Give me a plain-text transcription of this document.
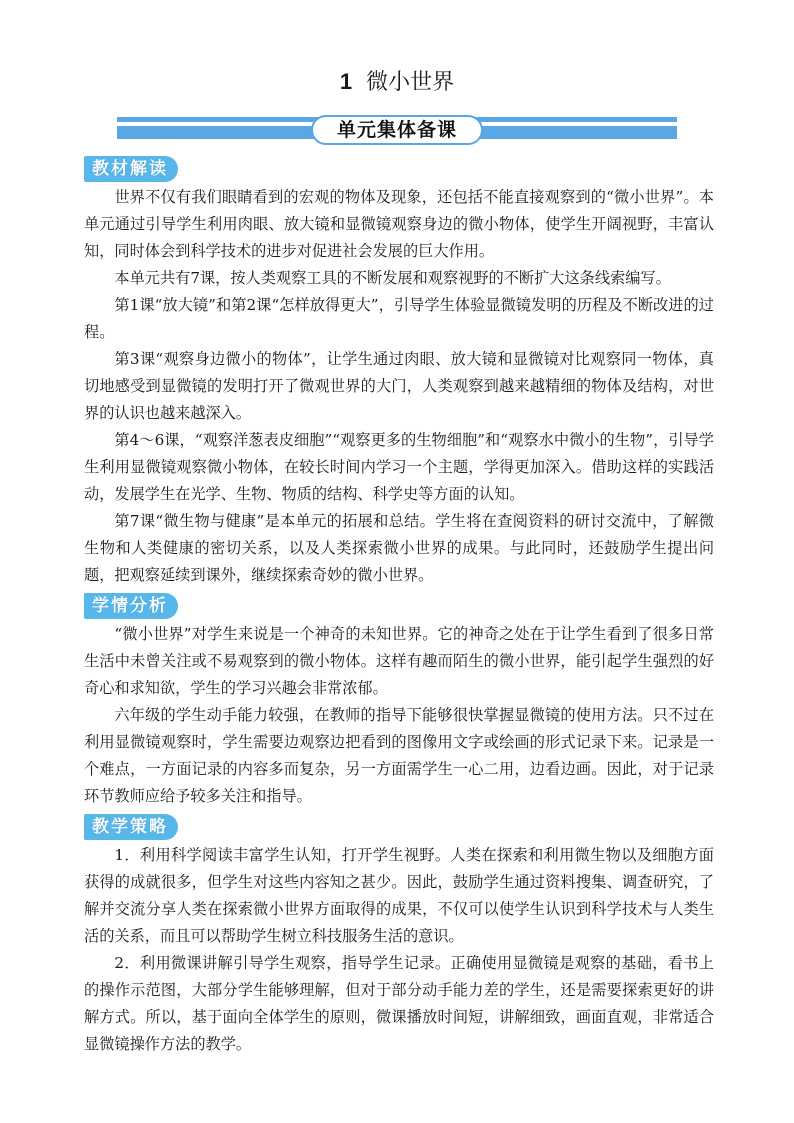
1 微小世界
单元集体备课
教材解读

世界不仅有我们眼睛看到的宏观的物体及现象，还包括不能直接观察到的“微小世界”。本单元通过引导学生利用肉眼、放大镜和显微镜观察身边的微小物体，使学生开阔视野，丰富认知，同时体会到科学技术的进步对促进社会发展的巨大作用。

本单元共有7课，按人类观察工具的不断发展和观察视野的不断扩大这条线索编写。

第1课“放大镜”和第2课“怎样放得更大”，引导学生体验显微镜发明的历程及不断改进的过程。

第3课“观察身边微小的物体”，让学生通过肉眼、放大镜和显微镜对比观察同一物体，真切地感受到显微镜的发明打开了微观世界的大门，人类观察到越来越精细的物体及结构，对世界的认识也越来越深入。

第4～6课，“观察洋葱表皮细胞”“观察更多的生物细胞”和“观察水中微小的生物”，引导学生利用显微镜观察微小物体，在较长时间内学习一个主题，学得更加深入。借助这样的实践活动，发展学生在光学、生物、物质的结构、科学史等方面的认知。

第7课“微生物与健康”是本单元的拓展和总结。学生将在查阅资料的研讨交流中，了解微生物和人类健康的密切关系，以及人类探索微小世界的成果。与此同时，还鼓励学生提出问题，把观察延续到课外，继续探索奇妙的微小世界。

学情分析

“微小世界”对学生来说是一个神奇的未知世界。它的神奇之处在于让学生看到了很多日常生活中未曾关注或不易观察到的微小物体。这样有趣而陌生的微小世界，能引起学生强烈的好奇心和求知欲，学生的学习兴趣会非常浓郁。

六年级的学生动手能力较强，在教师的指导下能够很快掌握显微镜的使用方法。只不过在利用显微镜观察时，学生需要边观察边把看到的图像用文字或绘画的形式记录下来。记录是一个难点，一方面记录的内容多而复杂，另一方面需学生一心二用，边看边画。因此，对于记录环节教师应给予较多关注和指导。

教学策略

1．利用科学阅读丰富学生认知，打开学生视野。人类在探索和利用微生物以及细胞方面获得的成就很多，但学生对这些内容知之甚少。因此，鼓励学生通过资料搜集、调查研究，了解并交流分享人类在探索微小世界方面取得的成果，不仅可以使学生认识到科学技术与人类生活的关系，而且可以帮助学生树立科技服务生活的意识。

2．利用微课讲解引导学生观察，指导学生记录。正确使用显微镜是观察的基础，看书上的操作示范图，大部分学生能够理解，但对于部分动手能力差的学生，还是需要探索更好的讲解方式。所以，基于面向全体学生的原则，微课播放时间短，讲解细致，画面直观，非常适合显微镜操作方法的教学。
